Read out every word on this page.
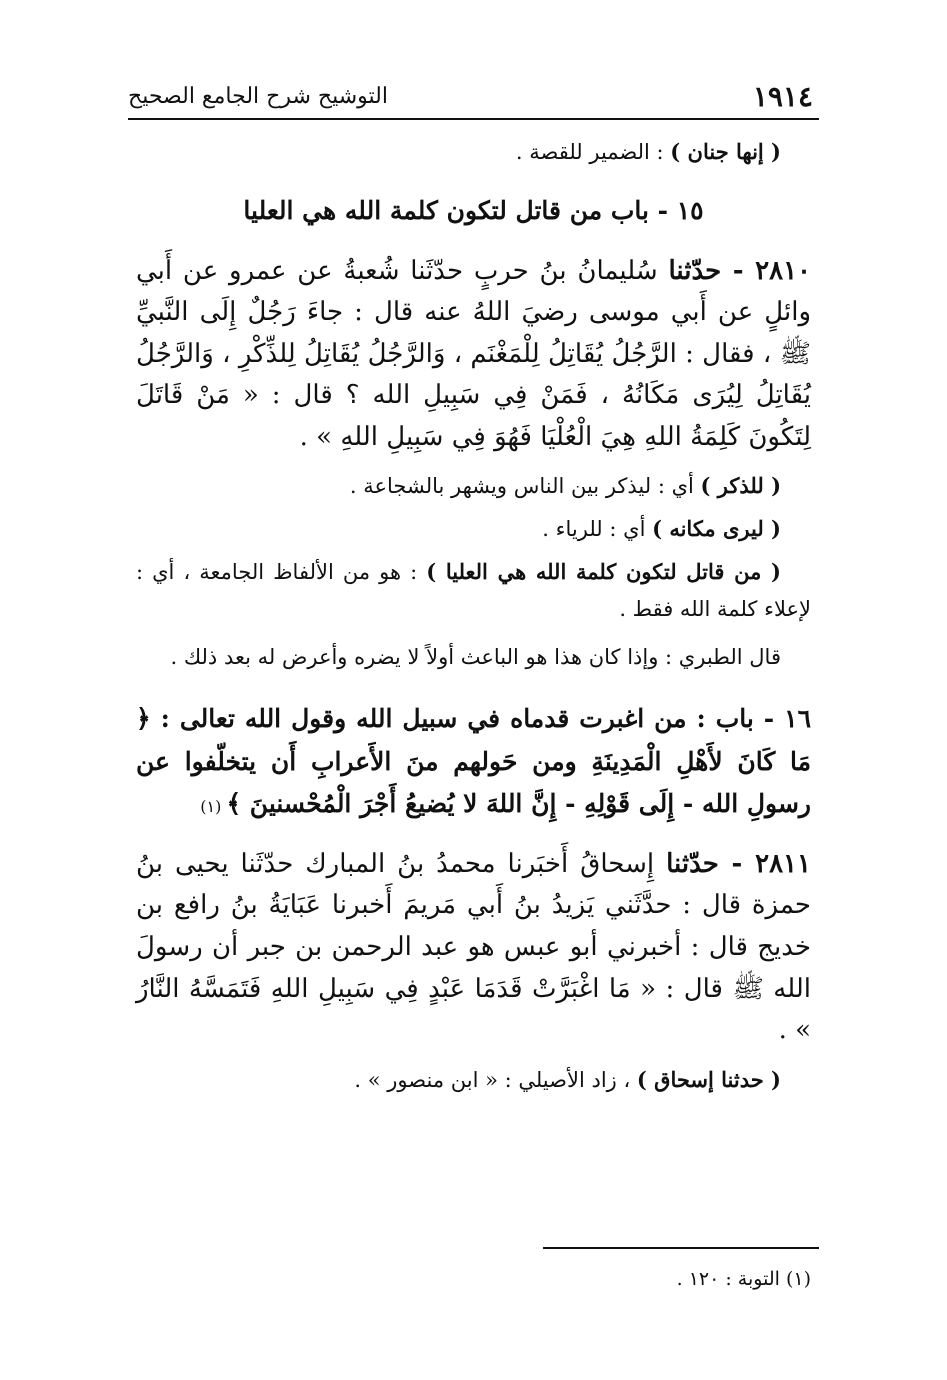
١٩١٤
التوشيح شرح الجامع الصحيح

( إنها جنان ) : الضمير للقصة .

١٥ - باب من قاتل لتكون كلمة الله هي العليا

٢٨١٠ - حدّثنا سُليمانُ بنُ حربٍ حدّثَنا شُعبةُ عن عمرو عن أَبي وائلٍ عن أَبي موسى رضيَ اللهُ عنه قال : جاءَ رَجُلٌ إِلَى النَّبيِّ ﷺ ، فقال : الرَّجُلُ يُقَاتِلُ لِلْمَغْنَم ، وَالرَّجُلُ يُقَاتِلُ لِلذِّكْرِ ، وَالرَّجُلُ يُقَاتِلُ لِيُرَى مَكَانُهُ ، فَمَنْ فِي سَبِيلِ الله ؟ قال : « مَنْ قَاتَلَ لِتَكُونَ كَلِمَةُ اللهِ هِيَ الْعُلْيَا فَهُوَ فِي سَبِيلِ اللهِ » .

( للذكر ) أي : ليذكر بين الناس ويشهر بالشجاعة .

( ليرى مكانه ) أي : للرياء .

( من قاتل لتكون كلمة الله هي العليا ) : هو من الألفاظ الجامعة ، أي : لإعلاء كلمة الله فقط .

قال الطبري : وإذا كان هذا هو الباعث أولاً لا يضره وأعرض له بعد ذلك .

١٦ - باب : من اغبرت قدماه في سبيل الله وقول الله تعالى : ﴿ مَا كَانَ لأَهْلِ الْمَدِينَةِ ومن حَولهم منَ الأَعرابِ أَن يتخلّفوا عن رسولِ الله - إِلَى قَوْلِهِ - إِنَّ اللهَ لا يُضيعُ أَجْرَ الْمُحْسنينَ ﴾ (١)

٢٨١١ - حدّثنا إِسحاقُ أَخبَرنا محمدُ بنُ المبارك حدّثَنا يحيى بنُ حمزة قال : حدَّثَني يَزيدُ بنُ أَبي مَريمَ أَخبرنا عَبَايَةُ بنُ رافع بن خديج قال : أخبرني أبو عبس هو عبد الرحمن بن جبر أن رسولَ الله ﷺ قال : « مَا اغْبَرَّتْ قَدَمَا عَبْدٍ فِي سَبِيلِ اللهِ فَتَمَسَّهُ النَّارُ » .

( حدثنا إسحاق ) ، زاد الأصيلي : « ابن منصور » .

(١) التوبة : ١٢٠ .
